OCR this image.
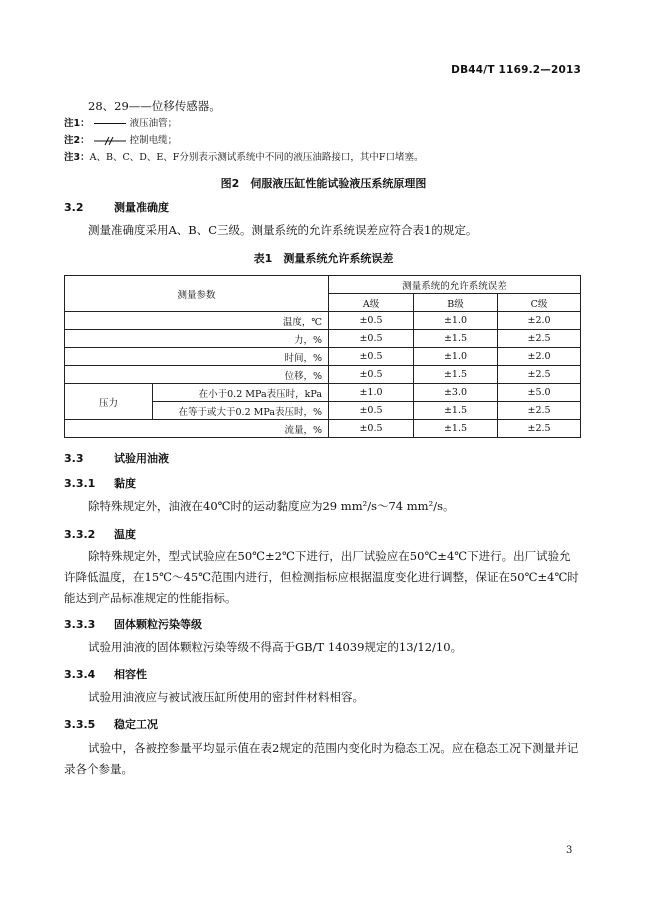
DB44/T 1169.2—2013
28、29——位移传感器。
注1：	液压油管；
注2：	控制电缆；
注3：A、B、C、D、E、F分别表示测试系统中不同的液压油路接口，其中F口堵塞。
图2　伺服液压缸性能试验液压系统原理图
3.2	测量准确度
测量准确度采用A、B、C三级。测量系统的允许系统误差应符合表1的规定。
表1　测量系统允许系统误差
测量参数		测量系统的允许系统误差		
		A级	B级	C级
温度，℃		±0.5	±1.0	±2.0
力，%		±0.5	±1.5	±2.5
时间，%		±0.5	±1.0	±2.0
位移，%		±0.5	±1.5	±2.5
压力	在小于0.2 MPa表压时，kPa	±1.0	±3.0	±5.0
	在等于或大于0.2 MPa表压时，%	±0.5	±1.5	±2.5
流量，%		±0.5	±1.5	±2.5
3.3	试验用油液
3.3.1 黏度
除特殊规定外，油液在40℃时的运动黏度应为29 mm²/s～74 mm²/s。
3.3.2 温度
除特殊规定外，型式试验应在50℃±2℃下进行，出厂试验应在50℃±4℃下进行。出厂试验允许降低温度，在15℃～45℃范围内进行，但检测指标应根据温度变化进行调整，保证在50℃±4℃时能达到产品标准规定的性能指标。
3.3.3 固体颗粒污染等级
试验用油液的固体颗粒污染等级不得高于GB/T 14039规定的13/12/10。
3.3.4 相容性
试验用油液应与被试液压缸所使用的密封件材料相容。
3.3.5 稳定工况
试验中，各被控参量平均显示值在表2规定的范围内变化时为稳态工况。应在稳态工况下测量并记录各个参量。
3
